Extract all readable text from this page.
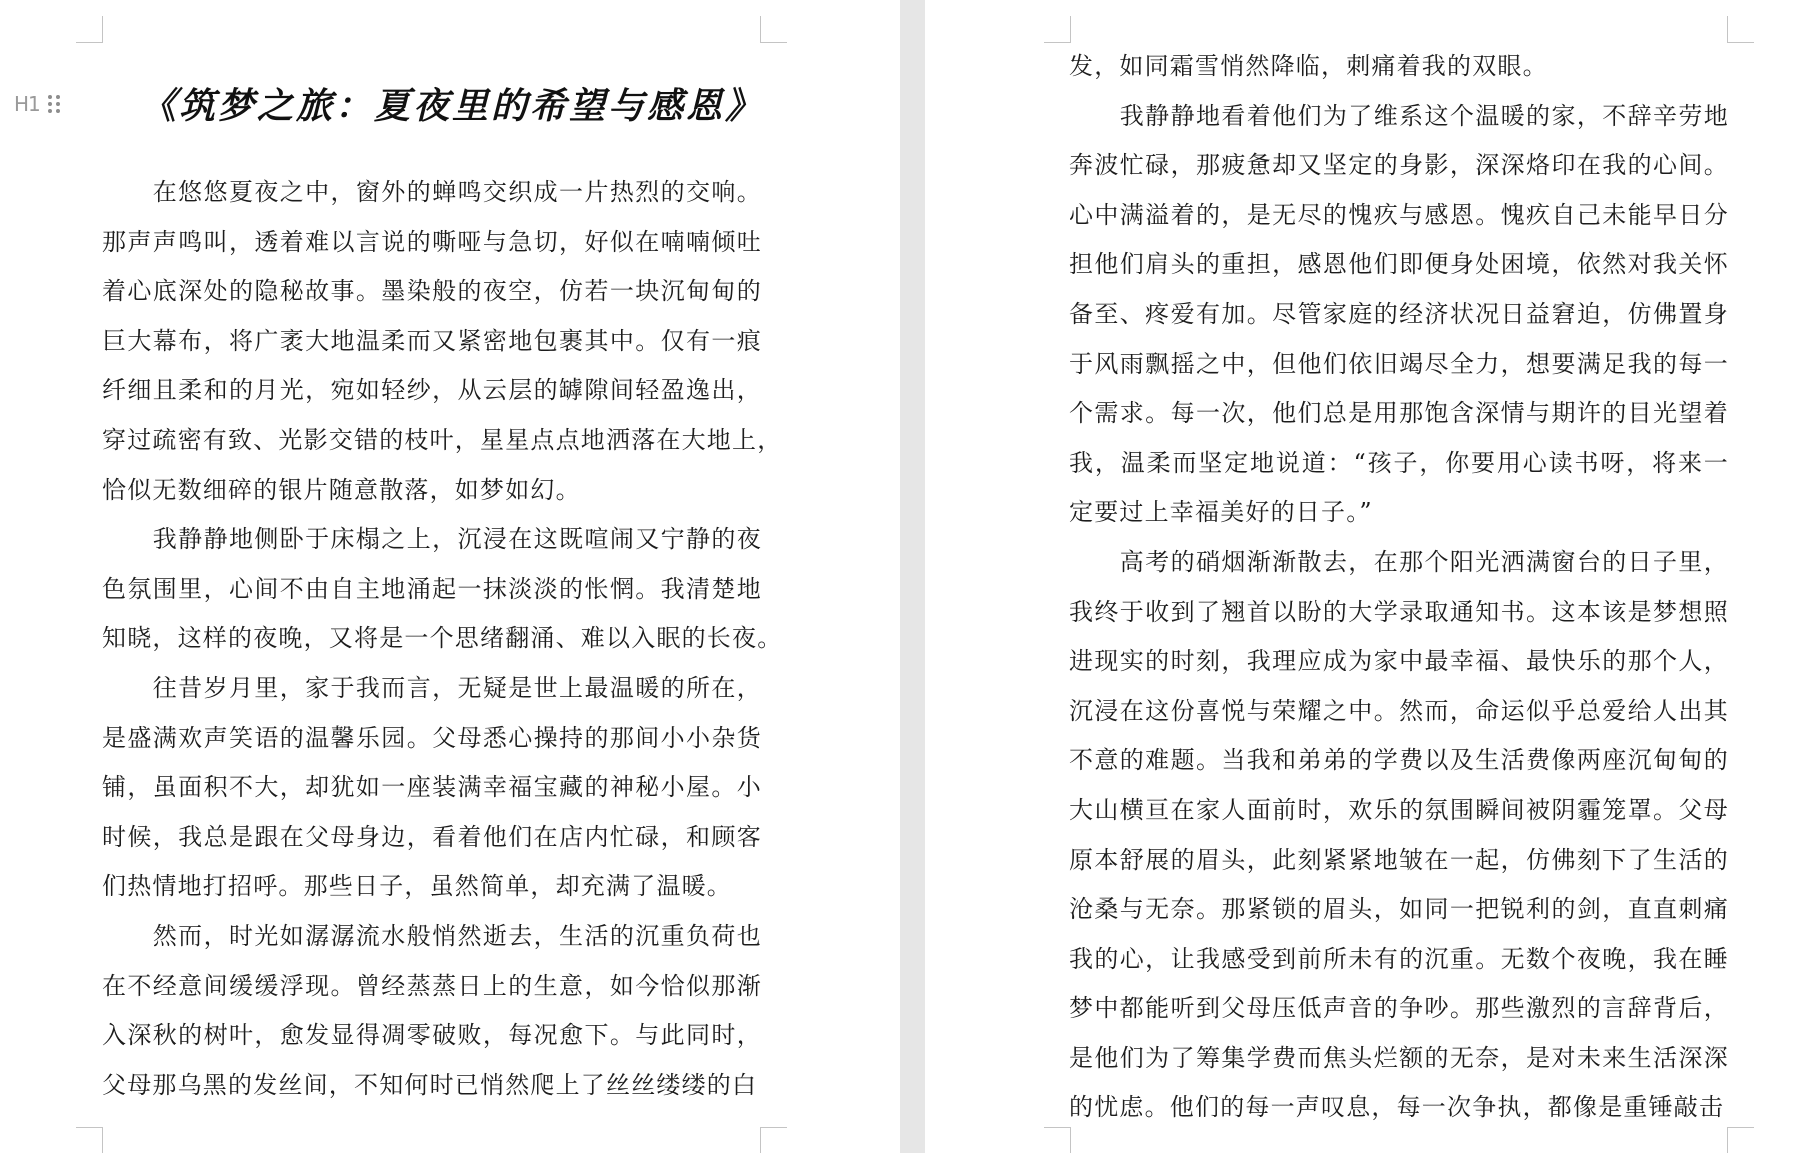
H1	《筑梦之旅：夏夜里的希望与感恩》
　　在悠悠夏夜之中，窗外的蝉鸣交织成一片热烈的交响。
那声声鸣叫，透着难以言说的嘶哑与急切，好似在喃喃倾吐
着心底深处的隐秘故事。墨染般的夜空，仿若一块沉甸甸的
巨大幕布，将广袤大地温柔而又紧密地包裹其中。仅有一痕
纤细且柔和的月光，宛如轻纱，从云层的罅隙间轻盈逸出，
穿过疏密有致、光影交错的枝叶，星星点点地洒落在大地上，
恰似无数细碎的银片随意散落，如梦如幻。
　　我静静地侧卧于床榻之上，沉浸在这既喧闹又宁静的夜
色氛围里，心间不由自主地涌起一抹淡淡的怅惘。我清楚地
知晓，这样的夜晚，又将是一个思绪翻涌、难以入眠的长夜。
　　往昔岁月里，家于我而言，无疑是世上最温暖的所在，
是盛满欢声笑语的温馨乐园。父母悉心操持的那间小小杂货
铺，虽面积不大，却犹如一座装满幸福宝藏的神秘小屋。小
时候，我总是跟在父母身边，看着他们在店内忙碌，和顾客
们热情地打招呼。那些日子，虽然简单，却充满了温暖。
　　然而，时光如潺潺流水般悄然逝去，生活的沉重负荷也
在不经意间缓缓浮现。曾经蒸蒸日上的生意，如今恰似那渐
入深秋的树叶，愈发显得凋零破败，每况愈下。与此同时，
父母那乌黑的发丝间，不知何时已悄然爬上了丝丝缕缕的白
发，如同霜雪悄然降临，刺痛着我的双眼。
　　我静静地看着他们为了维系这个温暖的家，不辞辛劳地
奔波忙碌，那疲惫却又坚定的身影，深深烙印在我的心间。
心中满溢着的，是无尽的愧疚与感恩。愧疚自己未能早日分
担他们肩头的重担，感恩他们即便身处困境，依然对我关怀
备至、疼爱有加。尽管家庭的经济状况日益窘迫，仿佛置身
于风雨飘摇之中，但他们依旧竭尽全力，想要满足我的每一
个需求。每一次，他们总是用那饱含深情与期许的目光望着
我，温柔而坚定地说道：“孩子，你要用心读书呀，将来一
定要过上幸福美好的日子。”
　　高考的硝烟渐渐散去，在那个阳光洒满窗台的日子里，
我终于收到了翘首以盼的大学录取通知书。这本该是梦想照
进现实的时刻，我理应成为家中最幸福、最快乐的那个人，
沉浸在这份喜悦与荣耀之中。然而，命运似乎总爱给人出其
不意的难题。当我和弟弟的学费以及生活费像两座沉甸甸的
大山横亘在家人面前时，欢乐的氛围瞬间被阴霾笼罩。父母
原本舒展的眉头，此刻紧紧地皱在一起，仿佛刻下了生活的
沧桑与无奈。那紧锁的眉头，如同一把锐利的剑，直直刺痛
我的心，让我感受到前所未有的沉重。无数个夜晚，我在睡
梦中都能听到父母压低声音的争吵。那些激烈的言辞背后，
是他们为了筹集学费而焦头烂额的无奈，是对未来生活深深
的忧虑。他们的每一声叹息，每一次争执，都像是重锤敲击
